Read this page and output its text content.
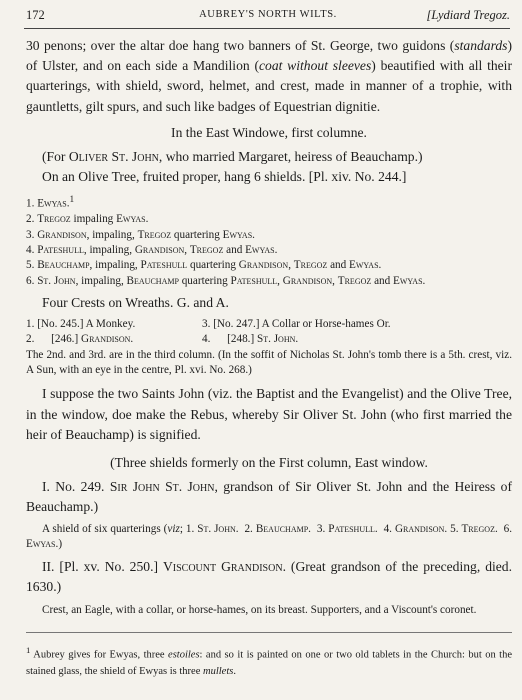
172	AUBREY'S NORTH WILTS.	[Lydiard Tregoz.

30 penons; over the altar doe hang two banners of St. George, two guidons (standards) of Ulster, and on each side a Mandilion (coat without sleeves) beautified with all their quarterings, with shield, sword, helmet, and crest, made in manner of a trophie, with gauntletts, gilt spurs, and such like badges of Equestrian dignitie.

In the East Windowe, first columne.

(For Oliver St. John, who married Margaret, heiress of Beauchamp.)

On an Olive Tree, fruited proper, hang 6 shields. [Pl. xiv. No. 244.]

1. Ewyas.$^1$
2. Tregoz impaling Ewyas.
3. Grandison, impaling, Tregoz quartering Ewyas.
4. Pateshull, impaling, Grandison, Tregoz and Ewyas.
5. Beauchamp, impaling, Pateshull quartering Grandison, Tregoz and Ewyas.
6. St. John, impaling, Beauchamp quartering Pateshull, Grandison, Tregoz and Ewyas.

Four Crests on Wreaths. G. and A.

1. [No. 245.] A Monkey.	3. [No. 247.] A Collar or Horse-hames Or.
2.      [246.] Grandison.	4.      [248.] St. John.
The 2nd. and 3rd. are in the third column. (In the soffit of Nicholas St. John's tomb there is a 5th. crest, viz. A Sun, with an eye in the centre, Pl. xvi. No. 268.)

I suppose the two Saints John (viz. the Baptist and the Evangelist) and the Olive Tree, in the window, doe make the Rebus, whereby Sir Oliver St. John (who first married the heir of Beauchamp) is signified.

(Three shields formerly on the First column, East window.

I. No. 249. Sir John St. John, grandson of Sir Oliver St. John and the Heiress of Beauchamp.)

A shield of six quarterings (viz; 1. St. John.  2. Beauchamp.  3. Pateshull.  4. Grandison. 5. Tregoz.  6. Ewyas.)

II. [Pl. xv. No. 250.] Viscount Grandison. (Great grandson of the preceding, died. 1630.)

Crest, an Eagle, with a collar, or horse-hames, on its breast. Supporters, and a Viscount's coronet.

$^1$ Aubrey gives for Ewyas, three estoiles: and so it is painted on one or two old tablets in the Church: but on the stained glass, the shield of Ewyas is three mullets.
